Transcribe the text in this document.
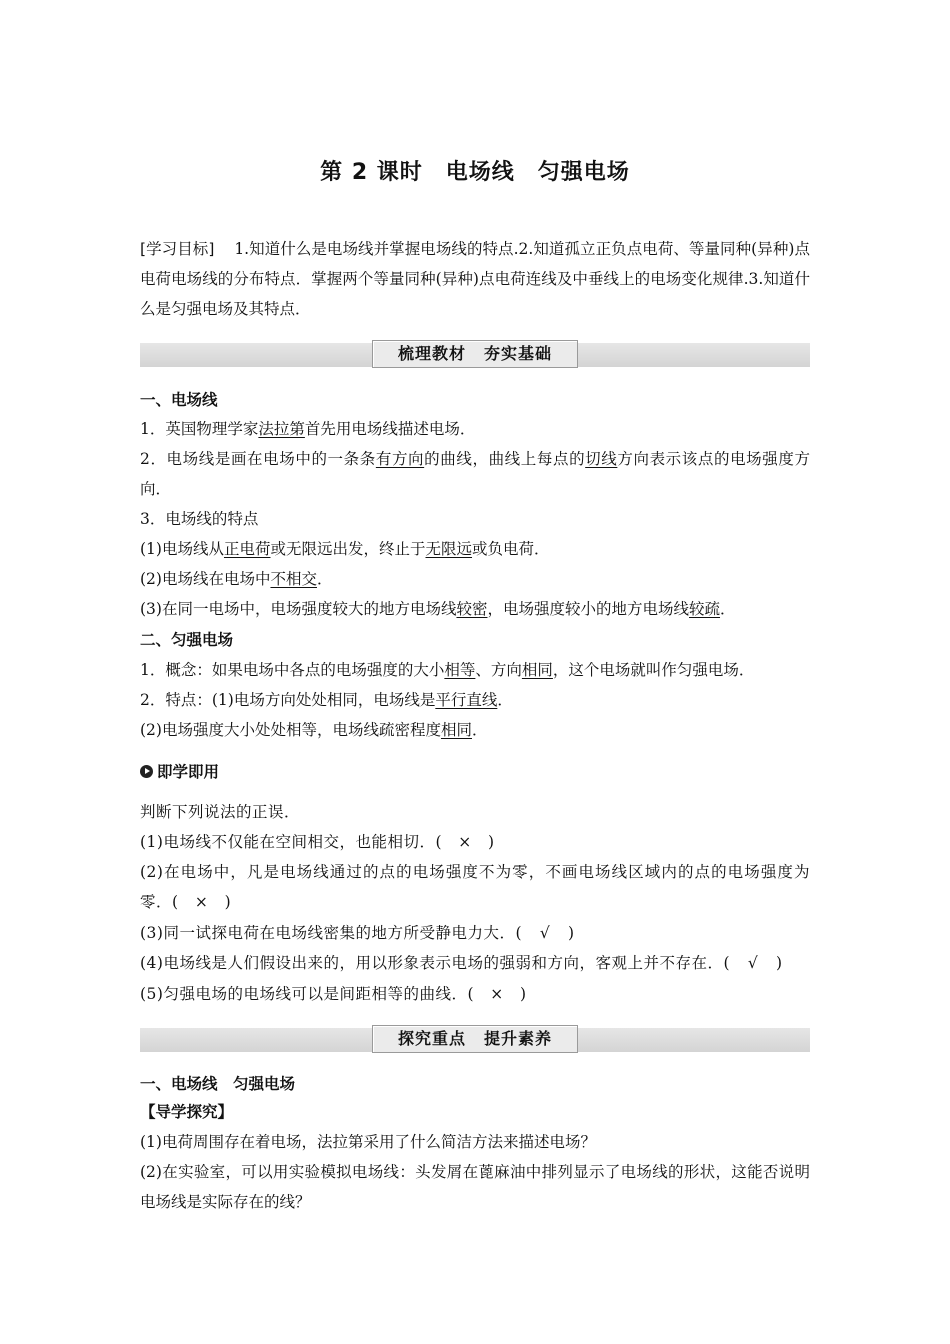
第 2 课时　电场线　匀强电场
[学习目标] 1.知道什么是电场线并掌握电场线的特点.2.知道孤立正负点电荷、等量同种(异种)点电荷电场线的分布特点．掌握两个等量同种(异种)点电荷连线及中垂线上的电场变化规律.3.知道什么是匀强电场及其特点．
梳理教材 夯实基础
一、电场线
1．英国物理学家法拉第首先用电场线描述电场．
2．电场线是画在电场中的一条条有方向的曲线，曲线上每点的切线方向表示该点的电场强度方向．
3．电场线的特点
(1)电场线从正电荷或无限远出发，终止于无限远或负电荷．
(2)电场线在电场中不相交．
(3)在同一电场中，电场强度较大的地方电场线较密，电场强度较小的地方电场线较疏．
二、匀强电场
1．概念：如果电场中各点的电场强度的大小相等、方向相同，这个电场就叫作匀强电场．
2．特点：(1)电场方向处处相同，电场线是平行直线．
(2)电场强度大小处处相等，电场线疏密程度相同．
即学即用
判断下列说法的正误．
(1)电场线不仅能在空间相交，也能相切．( × )
(2)在电场中，凡是电场线通过的点的电场强度不为零，不画电场线区域内的点的电场强度为零．( × )
(3)同一试探电荷在电场线密集的地方所受静电力大．( √ )
(4)电场线是人们假设出来的，用以形象表示电场的强弱和方向，客观上并不存在．( √ )
(5)匀强电场的电场线可以是间距相等的曲线．( × )
探究重点 提升素养
一、电场线　匀强电场
【导学探究】
(1)电荷周围存在着电场，法拉第采用了什么简洁方法来描述电场？
(2)在实验室，可以用实验模拟电场线：头发屑在蓖麻油中排列显示了电场线的形状，这能否说明电场线是实际存在的线？
